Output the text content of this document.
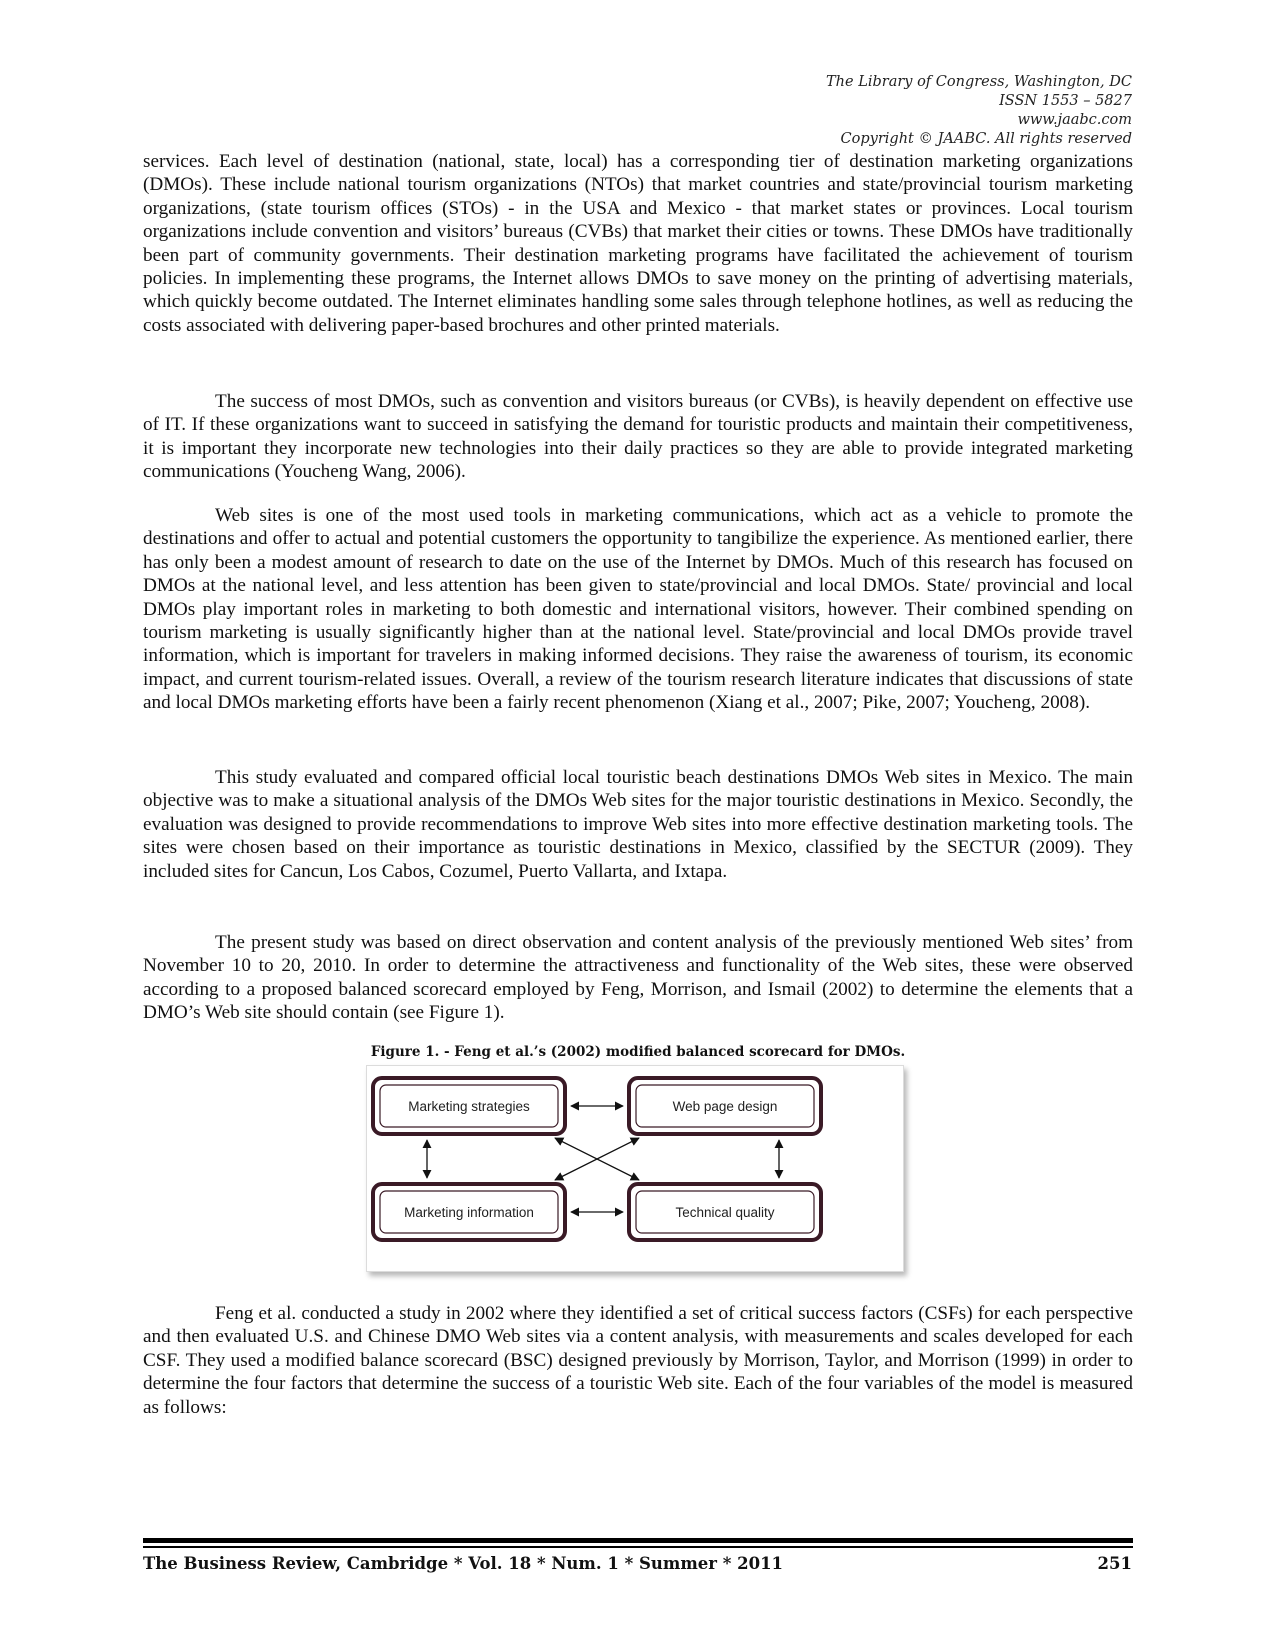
The Library of Congress, Washington, DC
ISSN 1553 – 5827
www.jaabc.com
Copyright © JAABC. All rights reserved

services. Each level of destination (national, state, local) has a corresponding tier of destination marketing organizations (DMOs). These include national tourism organizations (NTOs) that market countries and state/provincial tourism marketing organizations, (state tourism offices (STOs) - in the USA and Mexico - that market states or provinces. Local tourism organizations include convention and visitors’ bureaus (CVBs) that market their cities or towns. These DMOs have traditionally been part of community governments. Their destination marketing programs have facilitated the achievement of tourism policies. In implementing these programs, the Internet allows DMOs to save money on the printing of advertising materials, which quickly become outdated. The Internet eliminates handling some sales through telephone hotlines, as well as reducing the costs associated with delivering paper-based brochures and other printed materials.

The success of most DMOs, such as convention and visitors bureaus (or CVBs), is heavily dependent on effective use of IT. If these organizations want to succeed in satisfying the demand for touristic products and maintain their competitiveness, it is important they incorporate new technologies into their daily practices so they are able to provide integrated marketing communications (Youcheng Wang, 2006).

Web sites is one of the most used tools in marketing communications, which act as a vehicle to promote the destinations and offer to actual and potential customers the opportunity to tangibilize the experience. As mentioned earlier, there has only been a modest amount of research to date on the use of the Internet by DMOs. Much of this research has focused on DMOs at the national level, and less attention has been given to state/provincial and local DMOs. State/ provincial and local DMOs play important roles in marketing to both domestic and international visitors, however. Their combined spending on tourism marketing is usually significantly higher than at the national level. State/provincial and local DMOs provide travel information, which is important for travelers in making informed decisions. They raise the awareness of tourism, its economic impact, and current tourism-related issues. Overall, a review of the tourism research literature indicates that discussions of state and local DMOs marketing efforts have been a fairly recent phenomenon (Xiang et al., 2007; Pike, 2007; Youcheng, 2008).

This study evaluated and compared official local touristic beach destinations DMOs Web sites in Mexico. The main objective was to make a situational analysis of the DMOs Web sites for the major touristic destinations in Mexico. Secondly, the evaluation was designed to provide recommendations to improve Web sites into more effective destination marketing tools. The sites were chosen based on their importance as touristic destinations in Mexico, classified by the SECTUR (2009). They included sites for Cancun, Los Cabos, Cozumel, Puerto Vallarta, and Ixtapa.

The present study was based on direct observation and content analysis of the previously mentioned Web sites’ from November 10 to 20, 2010. In order to determine the attractiveness and functionality of the Web sites, these were observed according to a proposed balanced scorecard employed by Feng, Morrison, and Ismail (2002) to determine the elements that a DMO’s Web site should contain (see Figure 1).

Figure 1. - Feng et al.’s (2002) modified balanced scorecard for DMOs.
Marketing strategies	Web page design
Marketing information	Technical quality

Feng et al. conducted a study in 2002 where they identified a set of critical success factors (CSFs) for each perspective and then evaluated U.S. and Chinese DMO Web sites via a content analysis, with measurements and scales developed for each CSF. They used a modified balance scorecard (BSC) designed previously by Morrison, Taylor, and Morrison (1999) in order to determine the four factors that determine the success of a touristic Web site. Each of the four variables of the model is measured as follows:

The Business Review, Cambridge * Vol. 18 * Num. 1 * Summer * 2011	251
